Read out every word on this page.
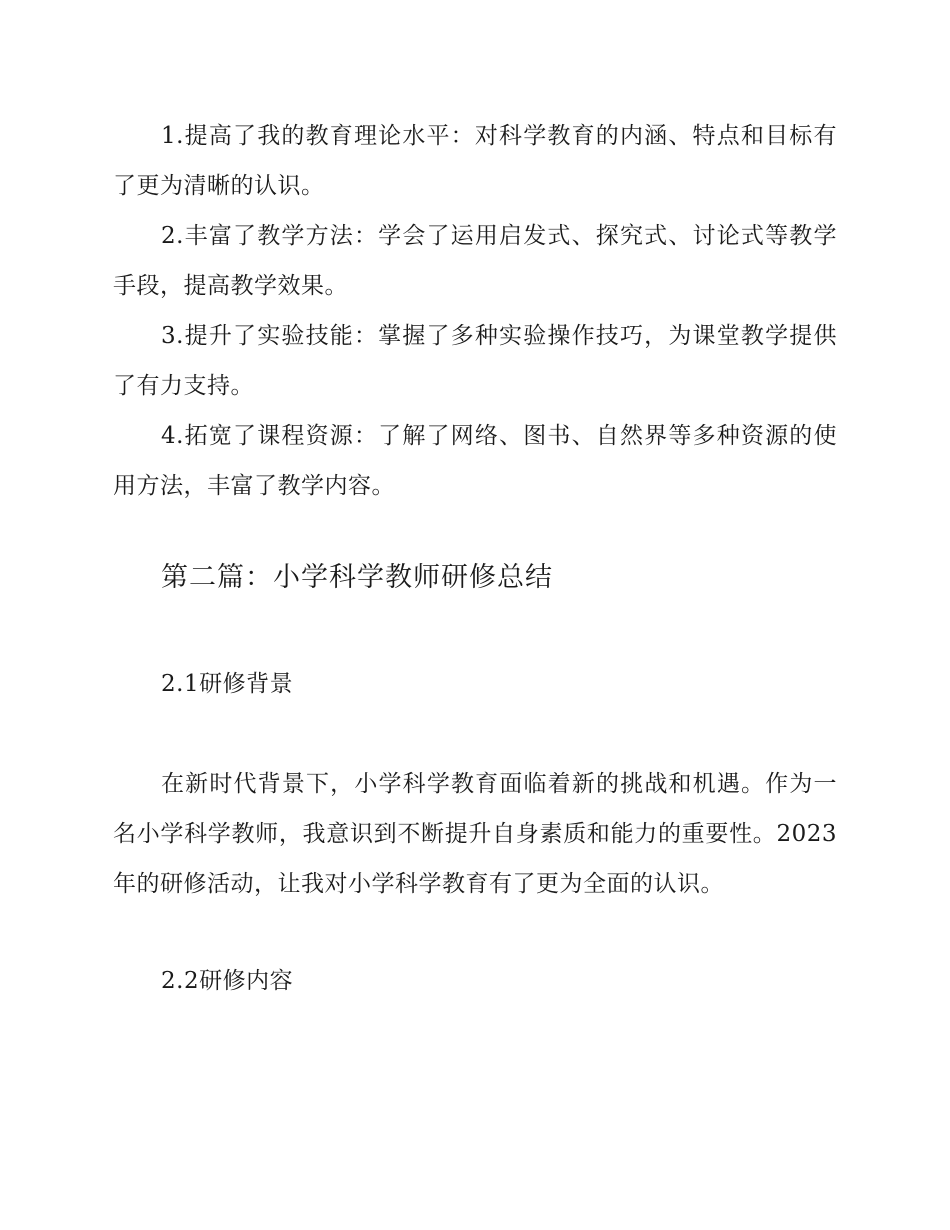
1.提高了我的教育理论水平：对科学教育的内涵、特点和目标有了更为清晰的认识。

2.丰富了教学方法：学会了运用启发式、探究式、讨论式等教学手段，提高教学效果。

3.提升了实验技能：掌握了多种实验操作技巧，为课堂教学提供了有力支持。

4.拓宽了课程资源：了解了网络、图书、自然界等多种资源的使用方法，丰富了教学内容。

第二篇：小学科学教师研修总结
2.1研修背景

在新时代背景下，小学科学教育面临着新的挑战和机遇。作为一名小学科学教师，我意识到不断提升自身素质和能力的重要性。2023年的研修活动，让我对小学科学教育有了更为全面的认识。

2.2研修内容
